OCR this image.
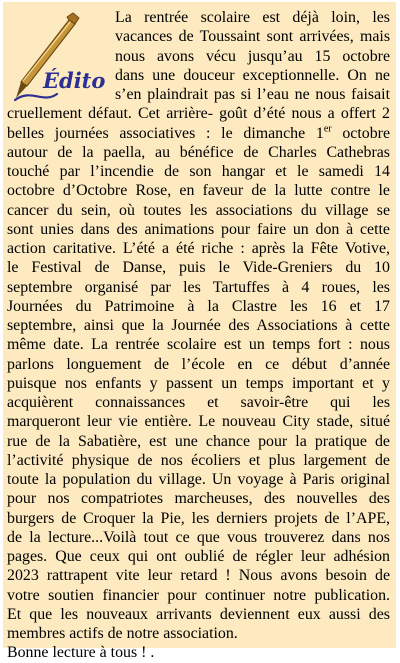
Édito
La rentrée scolaire est déjà loin, les
vacances de Toussaint sont arrivées, mais
nous avons vécu jusqu’au 15 octobre
dans une douceur exceptionnelle. On ne
s’en plaindrait pas si l’eau ne nous faisait
cruellement défaut. Cet arrière- goût d’été nous a offert 2
belles journées associatives : le dimanche 1er octobre
autour de la paella, au bénéfice de Charles Cathebras
touché par l’incendie de son hangar et le samedi 14
octobre d’Octobre Rose, en faveur de la lutte contre le
cancer du sein, où toutes les associations du village se
sont unies dans des animations pour faire un don à cette
action caritative. L’été a été riche : après la Fête Votive,
le Festival de Danse, puis le Vide-Greniers du 10
septembre organisé par les Tartuffes à 4 roues, les
Journées du Patrimoine à la Clastre les 16 et 17
septembre, ainsi que la Journée des Associations à cette
même date. La rentrée scolaire est un temps fort : nous
parlons longuement de l’école en ce début d’année
puisque nos enfants y passent un temps important et y
acquièrent connaissances et savoir-être qui les
marqueront leur vie entière. Le nouveau City stade, situé
rue de la Sabatière, est une chance pour la pratique de
l’activité physique de nos écoliers et plus largement de
toute la population du village. Un voyage à Paris original
pour nos compatriotes marcheuses, des nouvelles des
burgers de Croquer la Pie, les derniers projets de l’APE,
de la lecture...Voilà tout ce que vous trouverez dans nos
pages. Que ceux qui ont oublié de régler leur adhésion
2023 rattrapent vite leur retard ! Nous avons besoin de
votre soutien financier pour continuer notre publication.
Et que les nouveaux arrivants deviennent eux aussi des
membres actifs de notre association.
Bonne lecture à tous ! .
